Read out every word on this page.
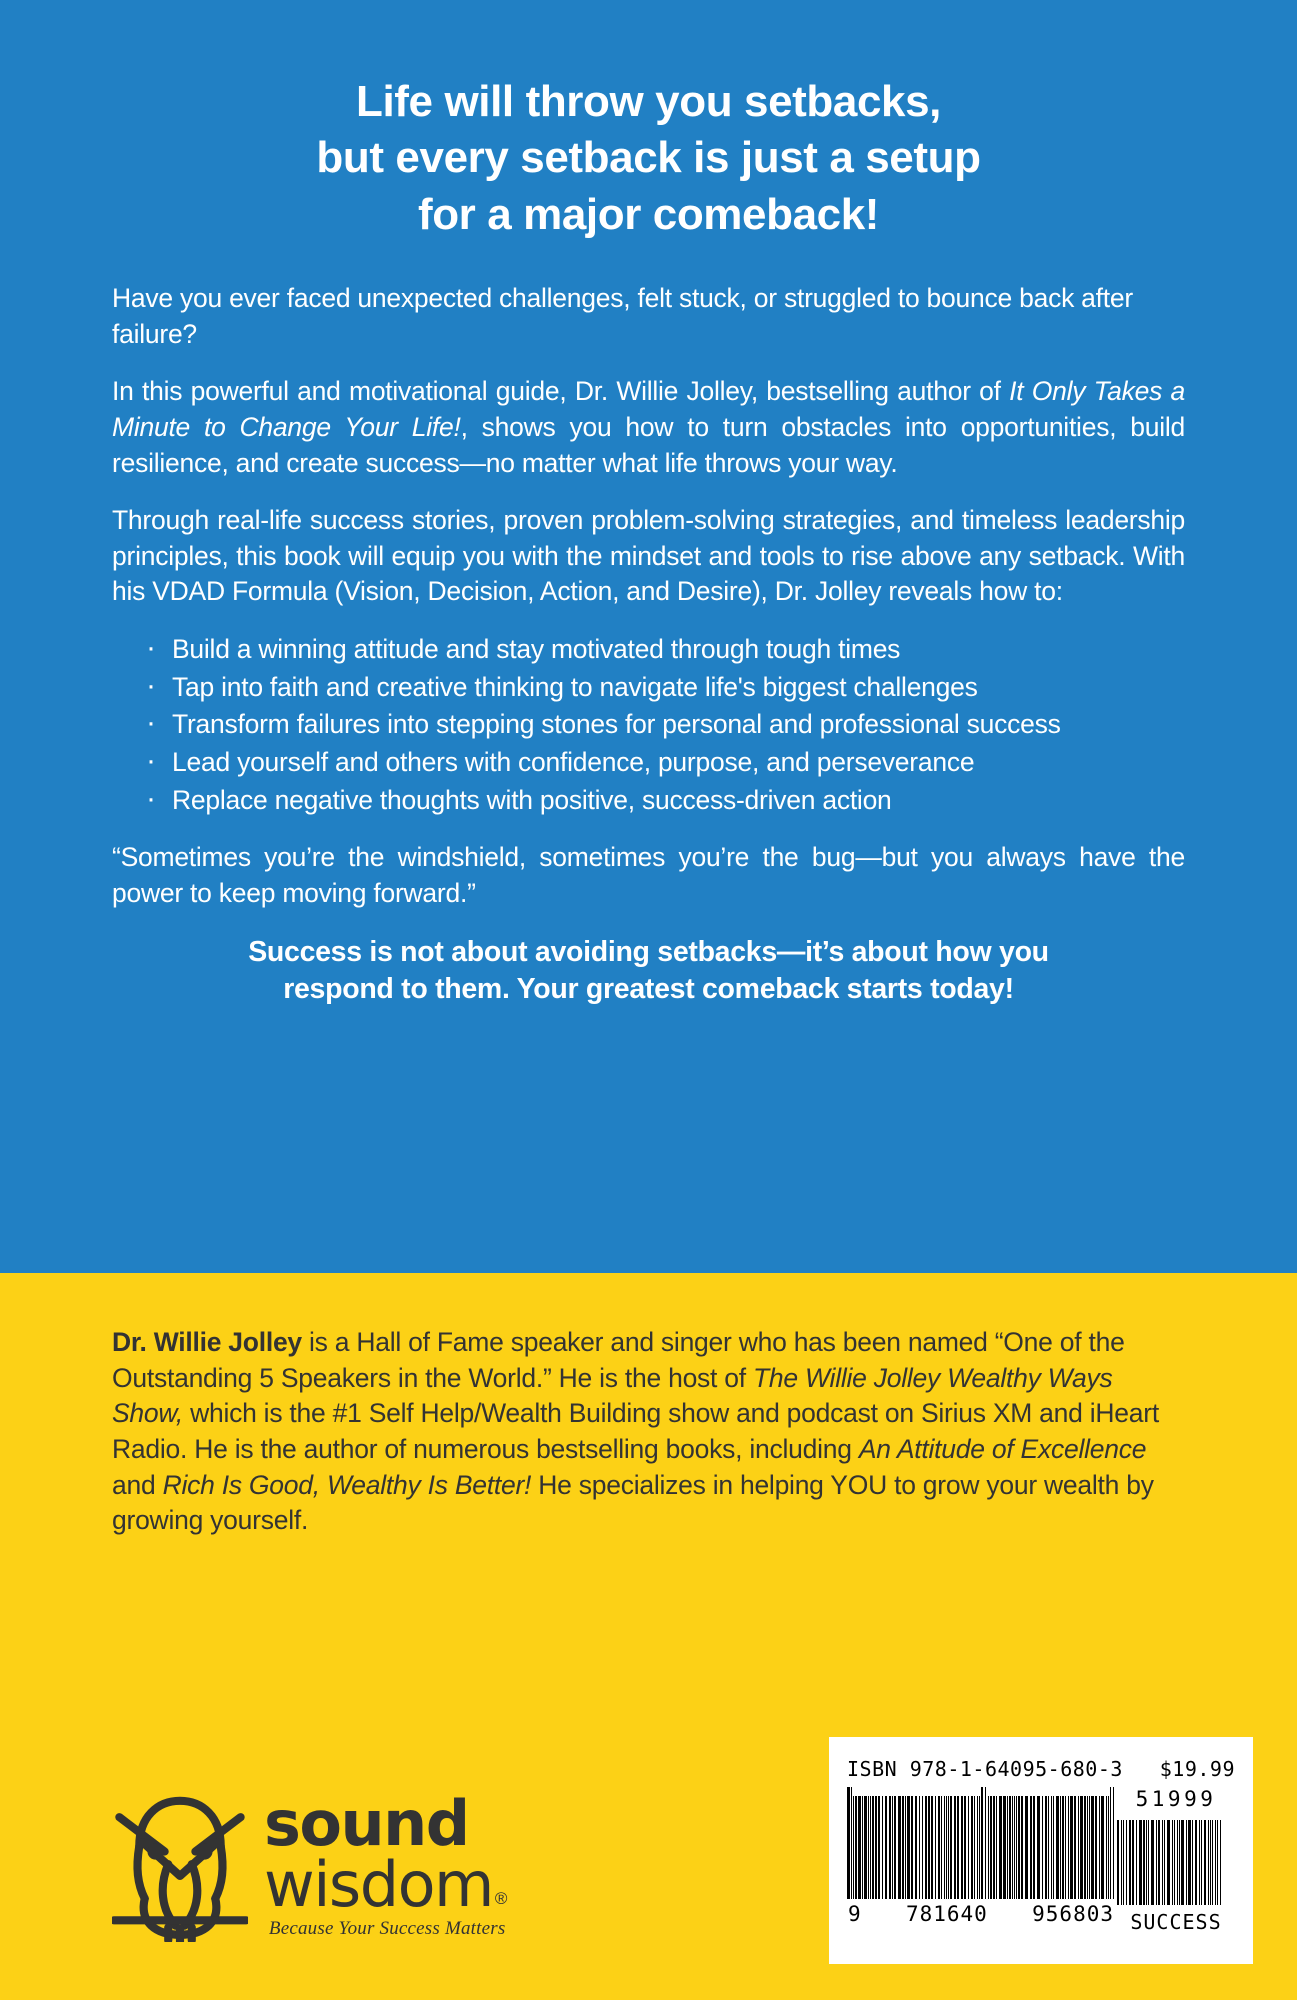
Life will throw you setbacks,
but every setback is just a setup
for a major comeback!

Have you ever faced unexpected challenges, felt stuck, or struggled to bounce back after failure?

In this powerful and motivational guide, Dr. Willie Jolley, bestselling author of It Only Takes a Minute to Change Your Life!, shows you how to turn obstacles into opportunities, build resilience, and create success—no matter what life throws your way.

Through real-life success stories, proven problem-solving strategies, and timeless leadership principles, this book will equip you with the mindset and tools to rise above any setback. With his VDAD Formula (Vision, Decision, Action, and Desire), Dr. Jolley reveals how to:

· Build a winning attitude and stay motivated through tough times
· Tap into faith and creative thinking to navigate life's biggest challenges
· Transform failures into stepping stones for personal and professional success
· Lead yourself and others with confidence, purpose, and perseverance
· Replace negative thoughts with positive, success-driven action

“Sometimes you’re the windshield, sometimes you’re the bug—but you always have the power to keep moving forward.”

Success is not about avoiding setbacks—it’s about how you
respond to them. Your greatest comeback starts today!

Dr. Willie Jolley is a Hall of Fame speaker and singer who has been named “One of the Outstanding 5 Speakers in the World.” He is the host of The Willie Jolley Wealthy Ways Show, which is the #1 Self Help/Wealth Building show and podcast on Sirius XM and iHeart Radio. He is the author of numerous bestselling books, including An Attitude of Excellence and Rich Is Good, Wealthy Is Better! He specializes in helping YOU to grow your wealth by growing yourself.

sound
wisdom ®
Because Your Success Matters
ISBN 978-1-64095-680-3 $19.99
9 781640 956803
51999
SUCCESS
